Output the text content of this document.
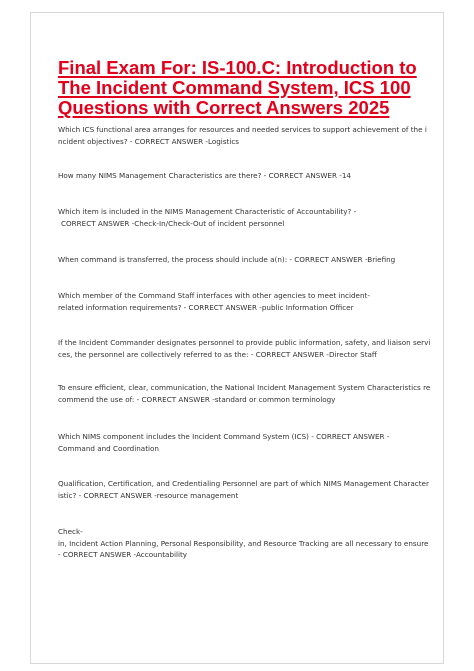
Final Exam For: IS-100.C: Introduction to
The Incident Command System, ICS 100
Questions with Correct Answers 2025
Which ICS functional area arranges for resources and needed services to support achievement of the i
ncident objectives? - CORRECT ANSWER -Logistics
How many NIMS Management Characteristics are there? - CORRECT ANSWER -14
Which item is included in the NIMS Management Characteristic of Accountability? -
CORRECT ANSWER -Check-In/Check-Out of incident personnel
When command is transferred, the process should include a(n): - CORRECT ANSWER -Briefing
Which member of the Command Staff interfaces with other agencies to meet incident-
related information requirements? - CORRECT ANSWER -public Information Officer
If the Incident Commander designates personnel to provide public information, safety, and liaison servi
ces, the personnel are collectively referred to as the: - CORRECT ANSWER -Director Staff
To ensure efficient, clear, communication, the National Incident Management System Characteristics re
commend the use of: - CORRECT ANSWER -standard or common terminology
Which NIMS component includes the Incident Command System (ICS) - CORRECT ANSWER -
Command and Coordination
Qualification, Certification, and Credentialing Personnel are part of which NIMS Management Character
istic? - CORRECT ANSWER -resource management
Check-
in, Incident Action Planning, Personal Responsibility, and Resource Tracking are all necessary to ensure
- CORRECT ANSWER -Accountability
